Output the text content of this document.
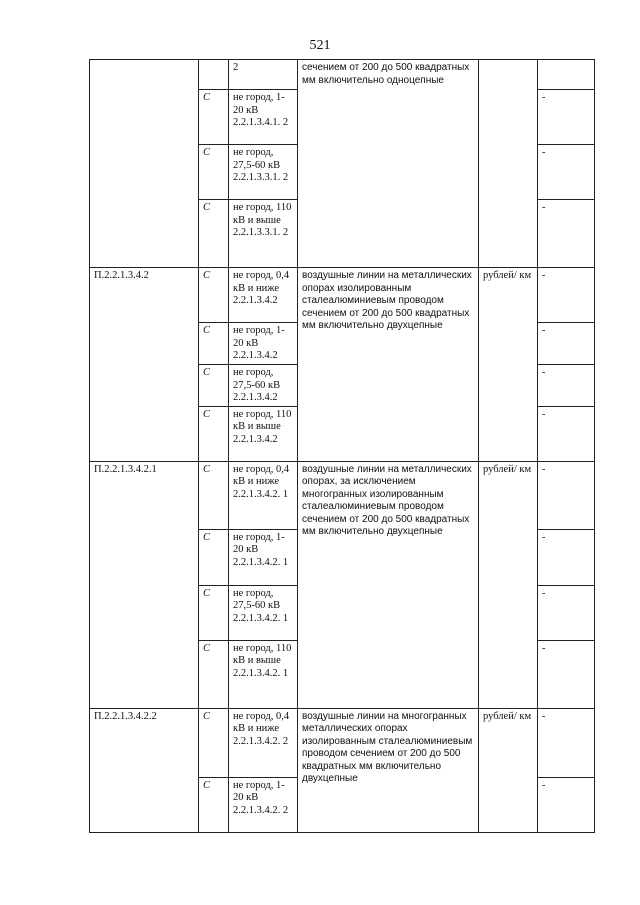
521
		2	сечением от 200 до 500 квадратных мм включительно одноцепные		
	С	не город, 1-20 кВ 2.2.1.3.4.1. 2			-
	С	не город, 27,5-60 кВ 2.2.1.3.3.1. 2			-
	С	не город, 110 кВ и выше 2.2.1.3.3.1. 2			-
П.2.2.1.3.4.2	С	не город, 0,4 кВ и ниже 2.2.1.3.4.2	воздушные линии на металлических опорах изолированным сталеалюминиевым проводом сечением от 200 до 500 квадратных мм включительно двухцепные	рублей/ км	-
	С	не город, 1-20 кВ 2.2.1.3.4.2			-
	С	не город, 27,5-60 кВ 2.2.1.3.4.2			-
	С	не город, 110 кВ и выше 2.2.1.3.4.2			-
П.2.2.1.3.4.2.1	С	не город, 0,4 кВ и ниже 2.2.1.3.4.2. 1	воздушные линии на металлических опорах, за исключением многогранных изолированным сталеалюминиевым проводом сечением от 200 до 500 квадратных мм включительно двухцепные	рублей/ км	-
	С	не город, 1-20 кВ 2.2.1.3.4.2. 1			-
	С	не город, 27,5-60 кВ 2.2.1.3.4.2. 1			-
	С	не город, 110 кВ и выше 2.2.1.3.4.2. 1			-
П.2.2.1.3.4.2.2	С	не город, 0,4 кВ и ниже 2.2.1.3.4.2. 2	воздушные линии на многогранных металлических опорах изолированным сталеалюминиевым проводом сечением от 200 до 500 квадратных мм включительно двухцепные	рублей/ км	-
	С	не город, 1-20 кВ 2.2.1.3.4.2. 2			-
